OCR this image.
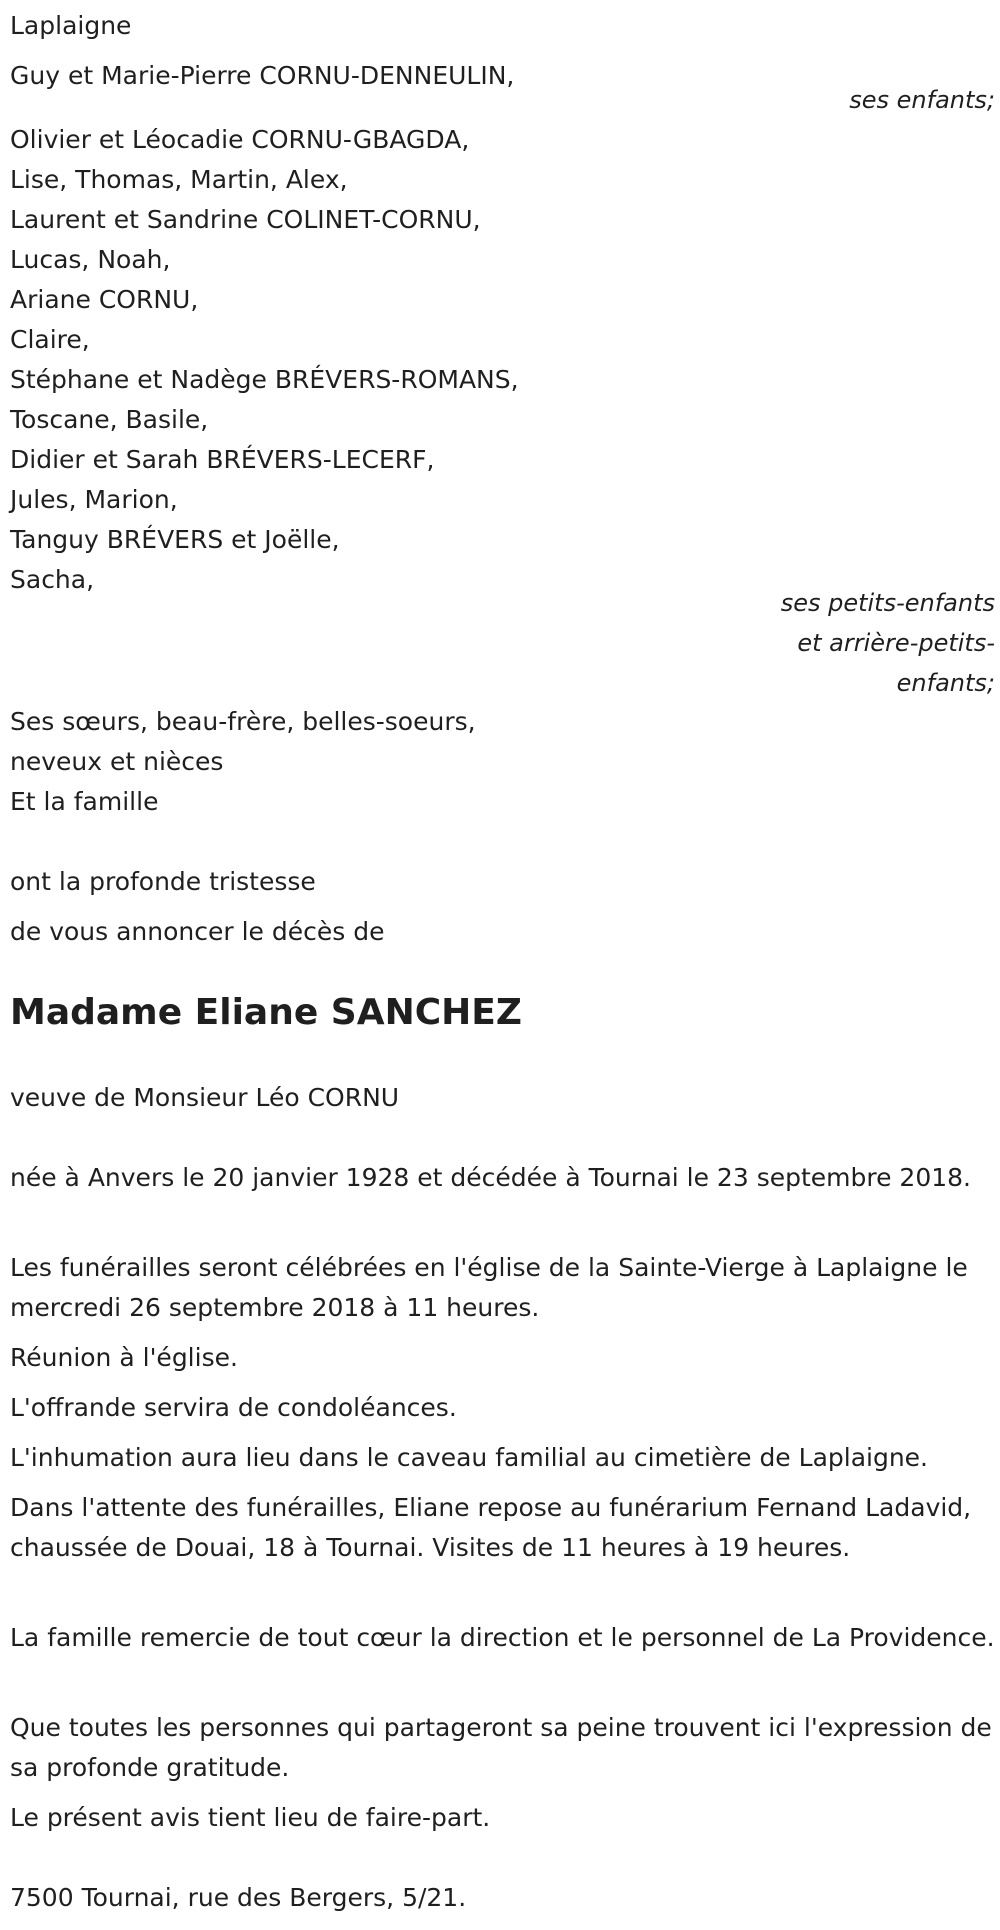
Laplaigne

Guy et Marie-Pierre CORNU-DENNEULIN,

ses enfants;

Olivier et Léocadie CORNU-GBAGDA,

Lise, Thomas, Martin, Alex,

Laurent et Sandrine COLINET-CORNU,

Lucas, Noah,

Ariane CORNU,

Claire,

Stéphane et Nadège BRÉVERS-ROMANS,

Toscane, Basile,

Didier et Sarah BRÉVERS-LECERF,

Jules, Marion,

Tanguy BRÉVERS et Joëlle,

Sacha,

ses petits-enfants

et arrière-petits-

enfants;

Ses sœurs, beau-frère, belles-soeurs,

neveux et nièces

Et la famille

ont la profonde tristesse

de vous annoncer le décès de

Madame Eliane SANCHEZ

veuve de Monsieur Léo CORNU

née à Anvers le 20 janvier 1928 et décédée à Tournai le 23 septembre 2018.

Les funérailles seront célébrées en l'église de la Sainte-Vierge à Laplaigne le mercredi 26 septembre 2018 à 11 heures.

Réunion à l'église.

L'offrande servira de condoléances.

L'inhumation aura lieu dans le caveau familial au cimetière de Laplaigne.

Dans l'attente des funérailles, Eliane repose au funérarium Fernand Ladavid, chaussée de Douai, 18 à Tournai. Visites de 11 heures à 19 heures.

La famille remercie de tout cœur la direction et le personnel de La Providence.

Que toutes les personnes qui partageront sa peine trouvent ici l'expression de sa profonde gratitude.

Le présent avis tient lieu de faire-part.

7500 Tournai, rue des Bergers, 5/21.
